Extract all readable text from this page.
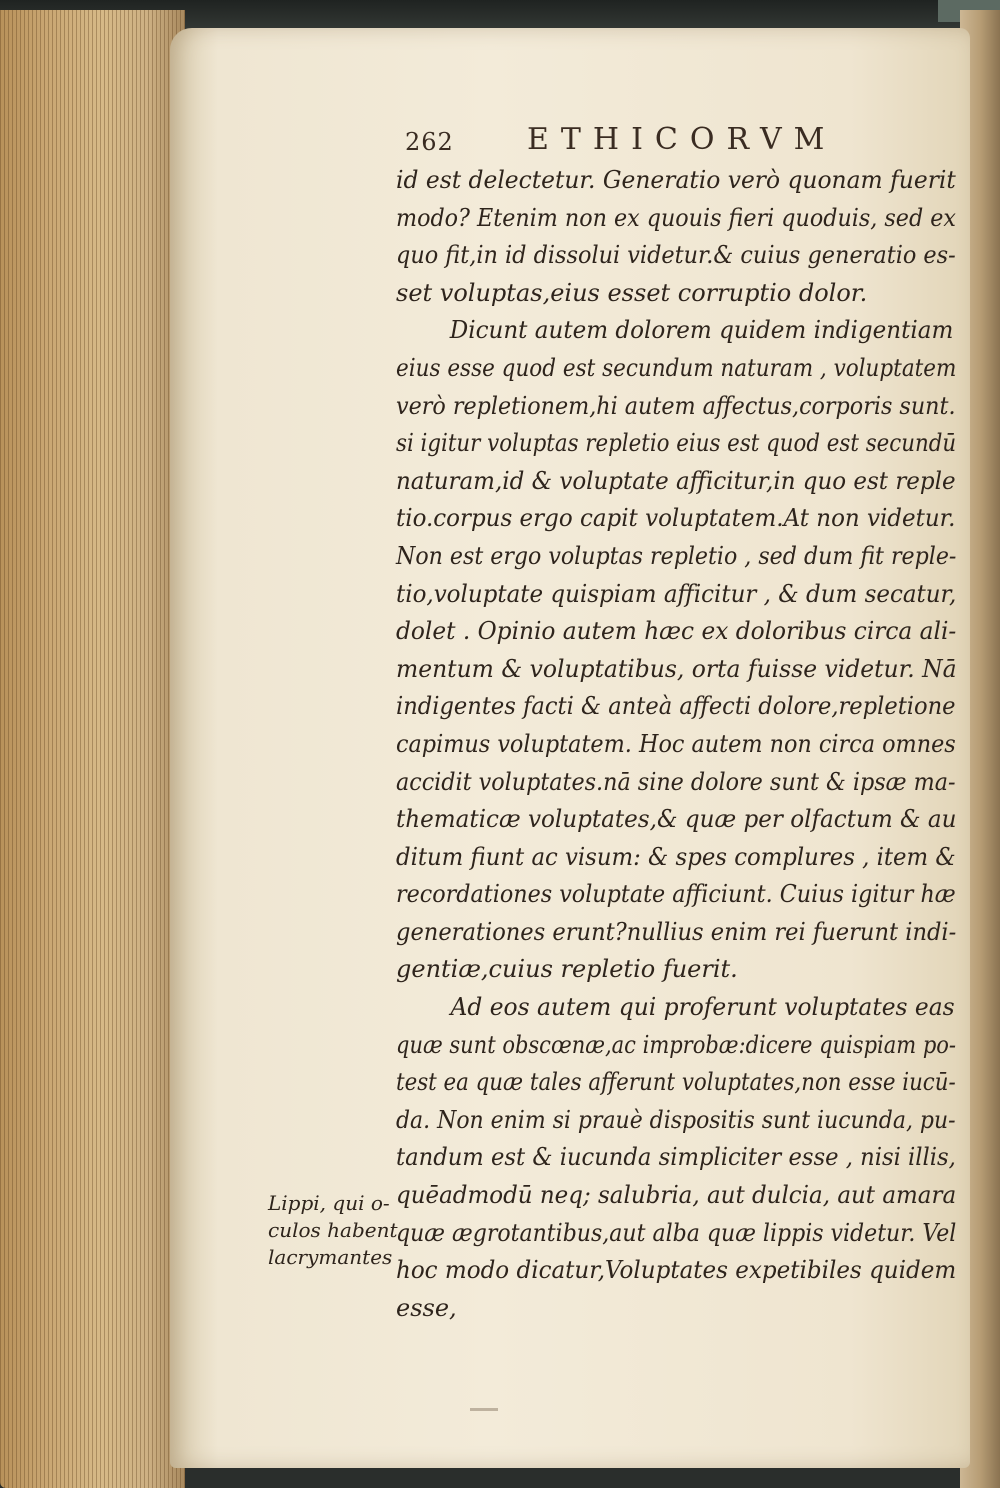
262 ETHICORVM
id est delectetur. Generatio verò quonam fuerit
modo? Etenim non ex quouis fieri quoduis, sed ex
quo fit,in id dissolui videtur.& cuius generatio es-
set voluptas,eius esset corruptio dolor.
Dicunt autem dolorem quidem indigentiam
eius esse quod est secundum naturam , voluptatem
verò repletionem,hi autem affectus,corporis sunt.
si igitur voluptas repletio eius est quod est secundū
naturam,id & voluptate afficitur,in quo est reple
tio.corpus ergo capit voluptatem.At non videtur.
Non est ergo voluptas repletio , sed dum fit reple-
tio,voluptate quispiam afficitur , & dum secatur,
dolet . Opinio autem hæc ex doloribus circa ali-
mentum & voluptatibus, orta fuisse videtur. Nā
indigentes facti & anteà affecti dolore,repletione
capimus voluptatem. Hoc autem non circa omnes
accidit voluptates.nā sine dolore sunt & ipsæ ma-
thematicæ voluptates,& quæ per olfactum & au
ditum fiunt ac visum: & spes complures , item &
recordationes voluptate afficiunt. Cuius igitur hæ
generationes erunt?nullius enim rei fuerunt indi-
gentiæ,cuius repletio fuerit.
Ad eos autem qui proferunt voluptates eas
quæ sunt obscœnæ,ac improbæ:dicere quispiam po-
test ea quæ tales afferunt voluptates,non esse iucū-
da. Non enim si prauè dispositis sunt iucunda, pu-
tandum est & iucunda simpliciter esse , nisi illis,
quēadmodū neq; salubria, aut dulcia, aut amara
quæ ægrotantibus,aut alba quæ lippis videtur. Vel
hoc modo dicatur,Voluptates expetibiles quidem
esse,
Lippi, qui o-
culos habent
lacrymantes
